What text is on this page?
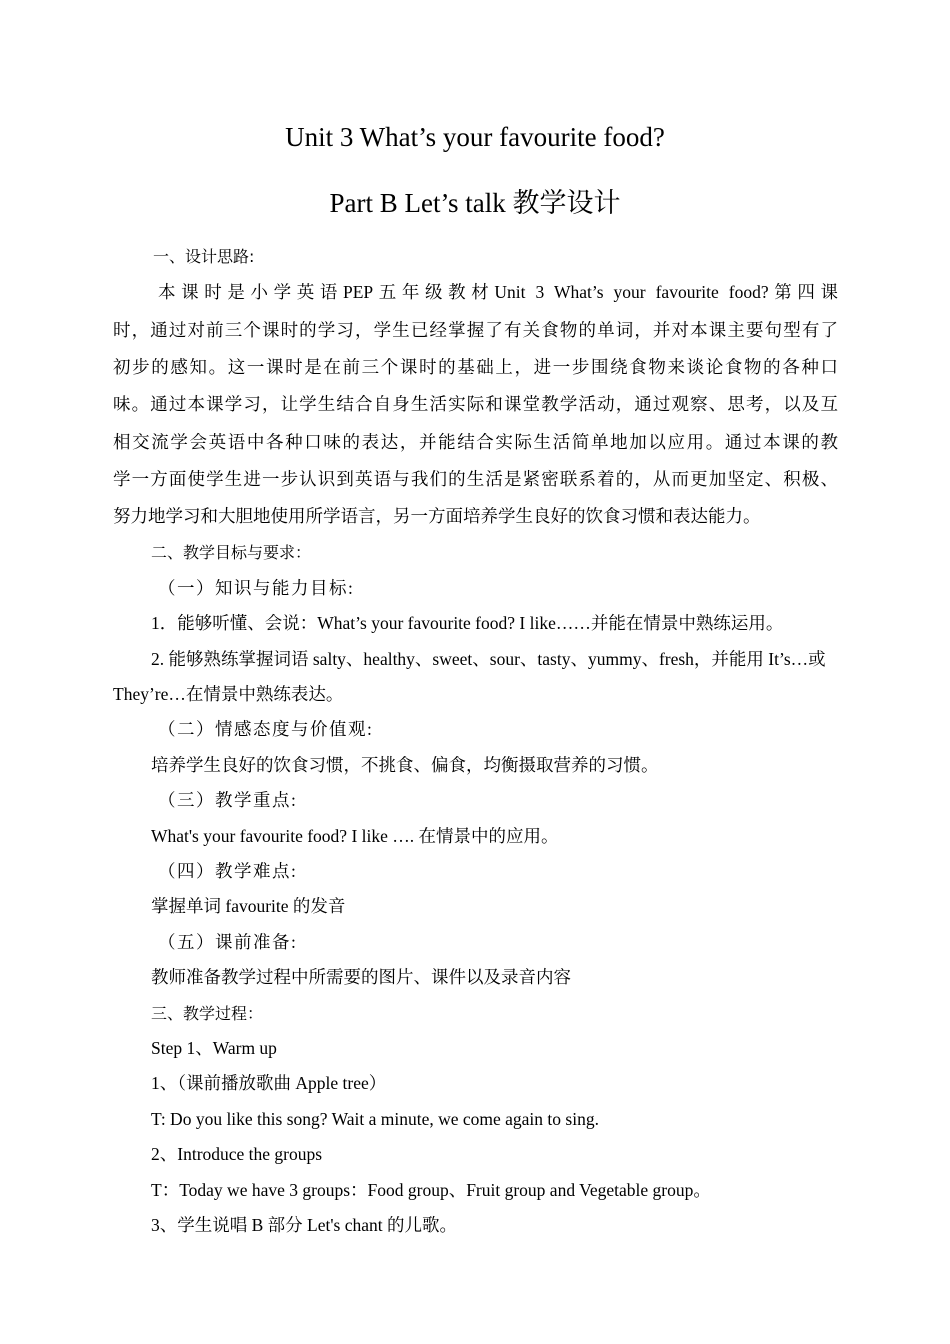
Unit 3 What’s your favourite food?
Part B Let’s talk 教学设计
一、设计思路:
本课时是小学英语PEP五年级教材Unit 3 What’s your favourite food?第四课
时，通过对前三个课时的学习，学生已经掌握了有关食物的单词，并对本课主要句型有了
初步的感知。这一课时是在前三个课时的基础上，进一步围绕食物来谈论食物的各种口
味。通过本课学习，让学生结合自身生活实际和课堂教学活动，通过观察、思考，以及互
相交流学会英语中各种口味的表达，并能结合实际生活简单地加以应用。通过本课的教
学一方面使学生进一步认识到英语与我们的生活是紧密联系着的，从而更加坚定、积极、
努力地学习和大胆地使用所学语言，另一方面培养学生良好的饮食习惯和表达能力。
二、教学目标与要求：
（一）知识与能力目标:
1．能够听懂、会说：What’s your favourite food? I like……并能在情景中熟练运用。
2. 能够熟练掌握词语 salty、healthy、sweet、sour、tasty、yummy、fresh，并能用 It’s…或
They’re…在情景中熟练表达。
（二）情感态度与价值观:
培养学生良好的饮食习惯，不挑食、偏食，均衡摄取营养的习惯。
（三）教学重点:
What's your favourite food? I like …. 在情景中的应用。
（四）教学难点:
掌握单词 favourite 的发音
（五）课前准备:
教师准备教学过程中所需要的图片、课件以及录音内容
三、教学过程：
Step 1、Warm up
1、（课前播放歌曲 Apple tree）
T: Do you like this song? Wait a minute, we come again to sing.
2、Introduce the groups
T：Today we have 3 groups：Food group、Fruit group and Vegetable group。
3、学生说唱 B 部分 Let's chant 的儿歌。
